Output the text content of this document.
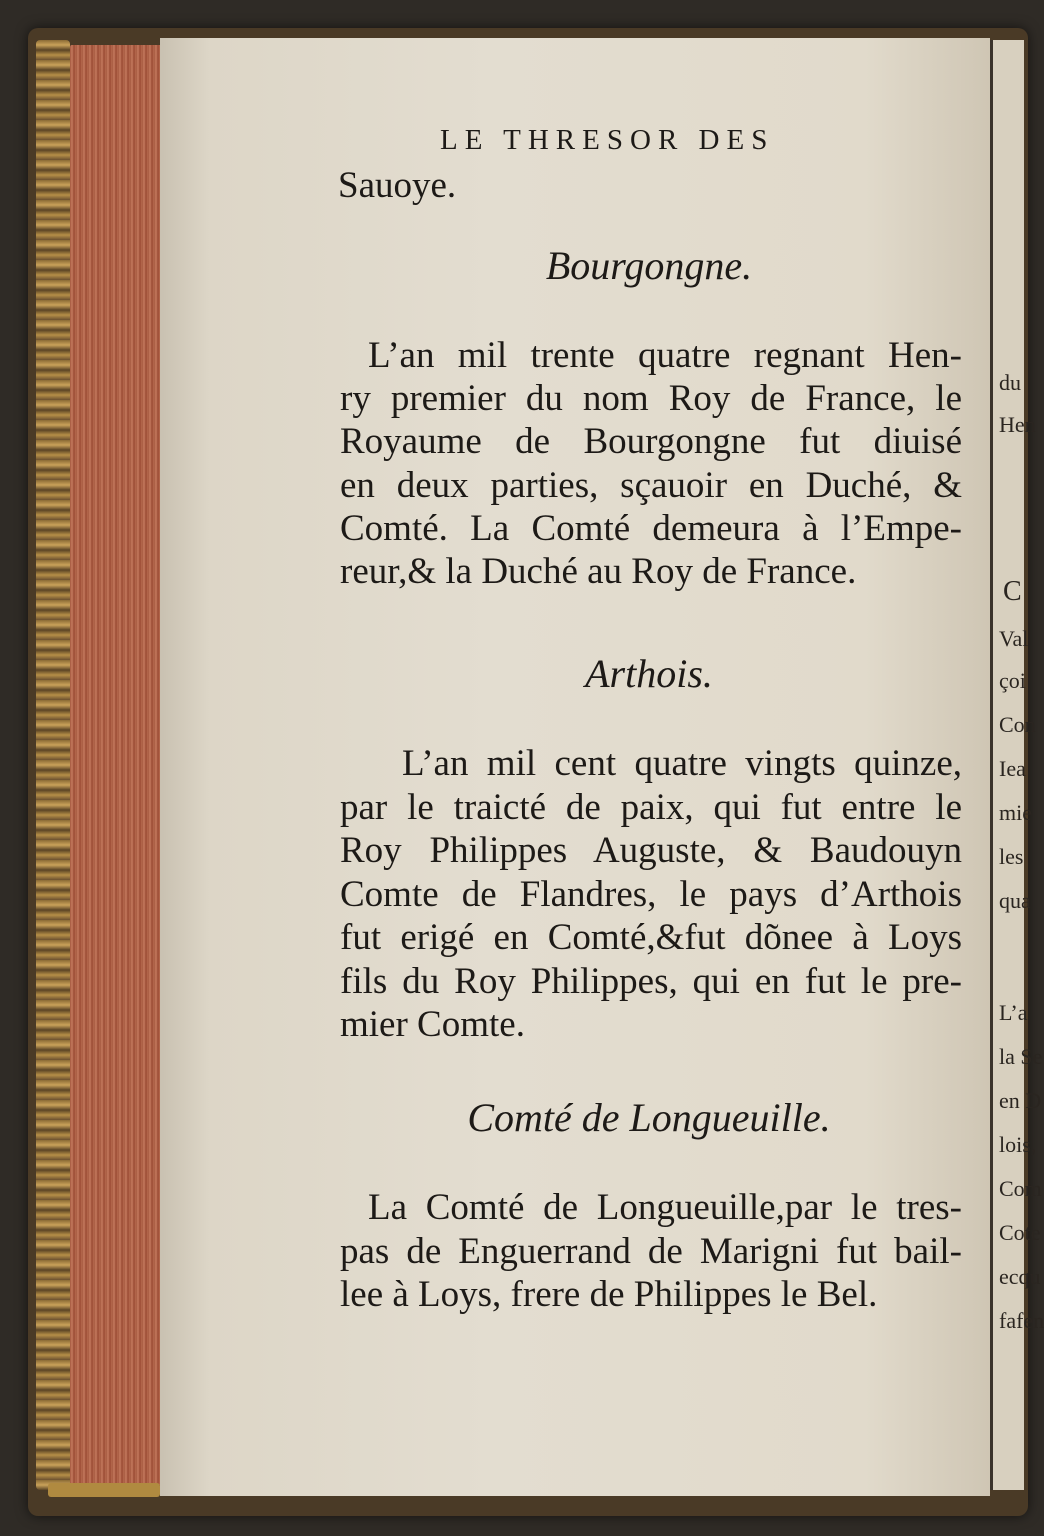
du
Hen
C
Val
çoi
Con
Iea
mie
les
qua
L’a
la Se
en D
lois,
Com
Cote
ecqu
fafen
LE THRESOR DES
Sauoye.
Bourgongne.
L’an mil trente quatre regnant Hen-
ry premier du nom Roy de France, le
Royaume de Bourgongne fut diuisé
en deux parties, sçauoir en Duché, &
Comté. La Comté demeura à l’Empe-
reur,& la Duché au Roy de France.
Arthois.
L’an mil cent quatre vingts quinze,
par le traicté de paix, qui fut entre le
Roy Philippes Auguste, & Baudouyn
Comte de Flandres, le pays d’Arthois
fut erigé en Comté,&fut dõnee à Loys
fils du Roy Philippes, qui en fut le pre-
mier Comte.
Comté de Longueuille.
La Comté de Longueuille,par le tres-
pas de Enguerrand de Marigni fut bail-
lee à Loys, frere de Philippes le Bel.
